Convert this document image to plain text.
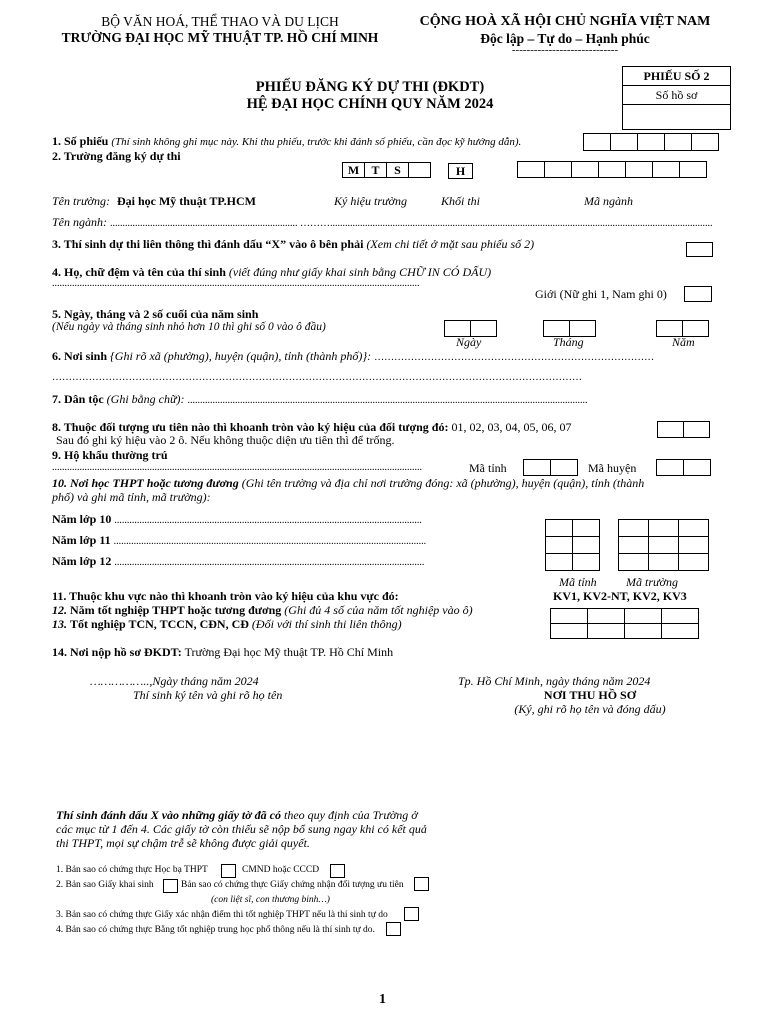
BỘ VĂN HOÁ, THỂ THAO VÀ DU LỊCH
TRƯỜNG ĐẠI HỌC MỸ THUẬT TP. HỒ CHÍ MINH
CỘNG HOÀ XÃ HỘI CHỦ NGHĨA VIỆT NAM
Độc lập – Tự do – Hạnh phúc
-----------------------------
PHIẾU SỐ 2
Số hồ sơ
PHIẾU ĐĂNG KÝ DỰ THI (ĐKDT)
HỆ ĐẠI HỌC CHÍNH QUY NĂM 2024
1. Số phiếu (Thí sinh không ghi mục này. Khi thu phiếu, trước khi đánh số phiếu, cần đọc kỹ hướng dẫn).
2. Trường đăng ký dự thi
M	T	S	H
Tên trường: Đại học Mỹ thuật TP.HCM	Ký hiệu trường	Khối thi	Mã ngành
Tên ngành: ........................................................................... ……….........................................................................................................................................................
3. Thí sinh dự thi liên thông thì đánh dấu “X” vào ô bên phải (Xem chi tiết ở mặt sau phiếu số 2)
4. Họ, chữ đệm và tên của thí sinh (viết đúng như giấy khai sinh bằng CHỮ IN CÓ DẤU)
...................................................................................................................................................
Giới (Nữ ghi 1, Nam ghi 0)
5. Ngày, tháng và 2 số cuối của năm sinh
(Nếu ngày và tháng sinh nhỏ hơn 10 thì ghi số 0 vào ô đầu)
Ngày	Tháng	Năm
6. Nơi sinh {Ghi rõ xã (phường), huyện (quận), tỉnh (thành phố)}: …………………………………………………………………………
……………………………………………………………………………………………………………………………………………
7. Dân tộc (Ghi bằng chữ): ................................................................................................................................................................
8. Thuộc đối tượng ưu tiên nào thì khoanh tròn vào ký hiệu của đối tượng đó: 01, 02, 03, 04, 05, 06, 07
Sau đó ghi ký hiệu vào 2 ô. Nếu không thuộc diện ưu tiên thì để trống.
9. Hộ khẩu thường trú
....................................................................................................................................................	Mã tỉnh	Mã huyện
10. Nơi học THPT hoặc tương đương (Ghi tên trường và địa chỉ nơi trường đóng: xã (phường), huyện (quận), tỉnh (thành
phố) và ghi mã tỉnh, mã trường):
Năm lớp 10 ...........................................................................................................................
Năm lớp 11 .............................................................................................................................
Năm lớp 12 ............................................................................................................................

Mã tỉnh Mã trường
11. Thuộc khu vực nào thì khoanh tròn vào ký hiệu của khu vực đó:	KV1, KV2-NT, KV2, KV3
12. Năm tốt nghiệp THPT hoặc tương đương (Ghi đủ 4 số của năm tốt nghiệp vào ô)
13. Tốt nghiệp TCN, TCCN, CĐN, CĐ (Đối với thí sinh thi liên thông)

14. Nơi nộp hồ sơ ĐKDT: Trường Đại học Mỹ thuật TP. Hồ Chí Minh
……………..,Ngày tháng năm 2024
Thí sinh ký tên và ghi rõ họ tên
Tp. Hồ Chí Minh, ngày tháng năm 2024
NƠI THU HỒ SƠ
(Ký, ghi rõ họ tên và đóng dấu)
Thí sinh đánh dấu X vào những giấy tờ đã có theo quy định của Trường ở
các mục từ 1 đến 4. Các giấy tờ còn thiếu sẽ nộp bổ sung ngay khi có kết quả
thi THPT, mọi sự chậm trễ sẽ không được giải quyết.
1. Bản sao có chứng thực Học bạ THPT	CMND hoặc CCCD
2. Bản sao Giấy khai sinh	Bản sao có chứng thực Giấy chứng nhận đối tượng ưu tiên
(con liệt sĩ, con thương binh…)
3. Bản sao có chứng thực Giấy xác nhận điểm thi tốt nghiệp THPT nếu là thí sinh tự do
4. Bản sao có chứng thực Bằng tốt nghiệp trung học phổ thông nếu là thí sinh tự do.
1
